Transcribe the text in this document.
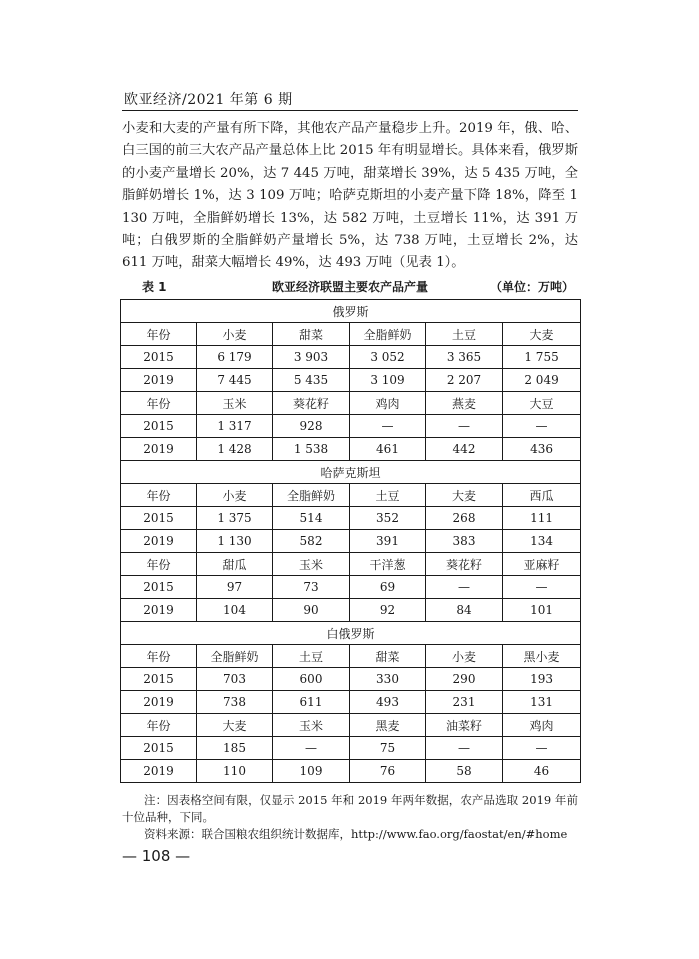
欧亚经济/2021 年第 6 期
小麦和大麦的产量有所下降，其他农产品产量稳步上升。2019 年，俄、哈、白三国的前三大农产品产量总体上比 2015 年有明显增长。具体来看，俄罗斯的小麦产量增长 20%，达 7 445 万吨，甜菜增长 39%，达 5 435 万吨，全脂鲜奶增长 1%，达 3 109 万吨；哈萨克斯坦的小麦产量下降 18%，降至 1 130 万吨，全脂鲜奶增长 13%，达 582 万吨，土豆增长 11%，达 391 万吨；白俄罗斯的全脂鲜奶产量增长 5%，达 738 万吨，土豆增长 2%，达 611 万吨，甜菜大幅增长 49%，达 493 万吨（见表 1）。
表 1	欧亚经济联盟主要农产品产量	（单位：万吨）
俄罗斯					
年份	小麦	甜菜	全脂鲜奶	土豆	大麦
2015	6 179	3 903	3 052	3 365	1 755
2019	7 445	5 435	3 109	2 207	2 049
年份	玉米	葵花籽	鸡肉	燕麦	大豆
2015	1 317	928	—	—	—
2019	1 428	1 538	461	442	436
哈萨克斯坦					
年份	小麦	全脂鲜奶	土豆	大麦	西瓜
2015	1 375	514	352	268	111
2019	1 130	582	391	383	134
年份	甜瓜	玉米	干洋葱	葵花籽	亚麻籽
2015	97	73	69	—	—
2019	104	90	92	84	101
白俄罗斯					
年份	全脂鲜奶	土豆	甜菜	小麦	黑小麦
2015	703	600	330	290	193
2019	738	611	493	231	131
年份	大麦	玉米	黑麦	油菜籽	鸡肉
2015	185	—	75	—	—
2019	110	109	76	58	46

注：因表格空间有限，仅显示 2015 年和 2019 年两年数据，农产品选取 2019 年前十位品种，下同。

资料来源：联合国粮农组织统计数据库，http://www.fao.org/faostat/en/#home

— 108 —
